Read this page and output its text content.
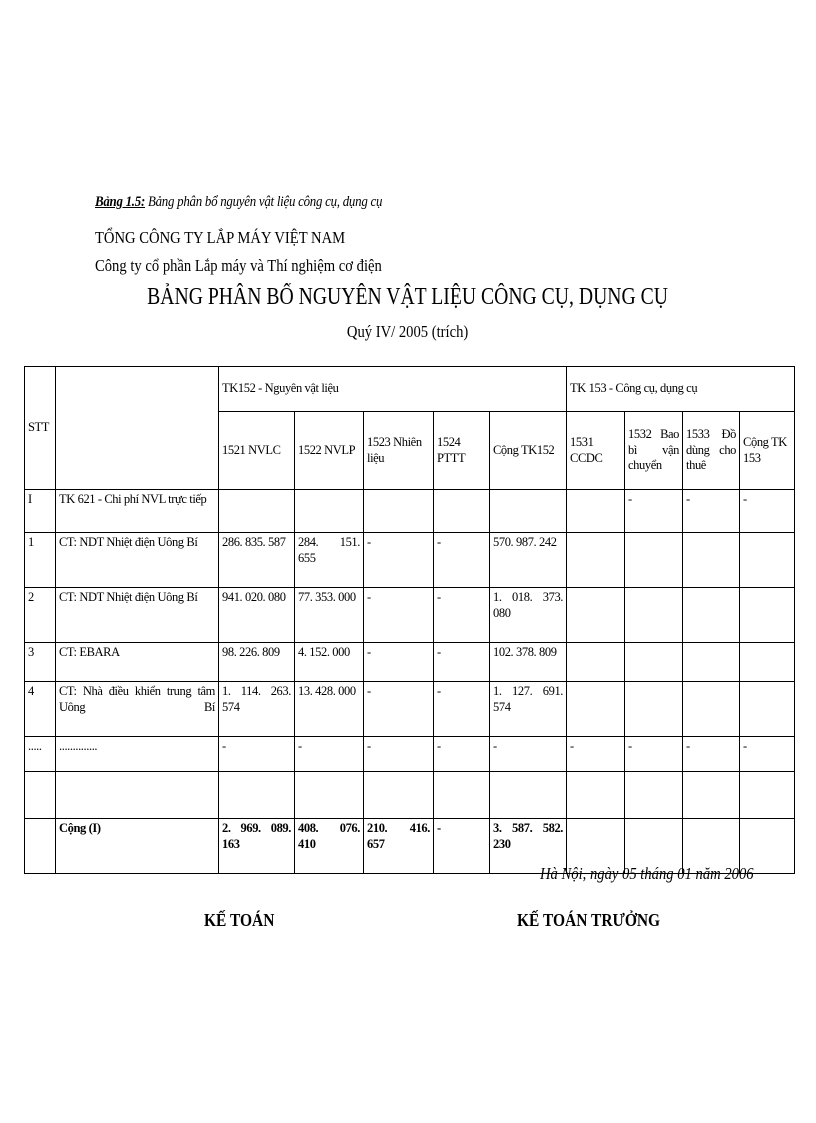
Bảng 1.5: Bảng phân bổ nguyên vật liệu công cụ, dụng cụ
TỔNG CÔNG TY LẮP MÁY VIỆT NAM
Công ty cổ phần Lắp máy và Thí nghiệm cơ điện
BẢNG PHÂN BỔ NGUYÊN VẬT LIỆU CÔNG CỤ, DỤNG CỤ
Quý IV/ 2005 (trích)
STT		TK152 - Nguyên vật liệu					TK 153 - Công cụ, dụng cụ			
		1521 NVLC	1522 NVLP	1523 Nhiên liệu	1524 PTTT	Cộng TK152	1531 CCDC	1532 Bao bì vận chuyển	1533 Đồ dùng cho thuê	Cộng TK 153
I	TK 621 - Chi phí NVL trực tiếp							-	-	-
1	CT: NDT Nhiệt điện Uông Bí	286. 835. 587	284. 151. 655	-	-	570. 987. 242				
2	CT: NDT Nhiệt điện Uông Bí	941. 020. 080	77. 353. 000	-	-	1. 018. 373. 080				
3	CT: EBARA	98. 226. 809	4. 152. 000	-	-	102. 378. 809				
4	CT: Nhà điều khiển trung tâm Uông Bí	1. 114. 263. 574	13. 428. 000	-	-	1. 127. 691. 574				
.....	..............	-	-	-	-	-	-	-	-	-

	Cộng (I)	2. 969. 089. 163	408. 076. 410	210. 416. 657	-	3. 587. 582. 230				
Hà Nội, ngày 05 tháng 01 năm 2006
KẾ TOÁN	KẾ TOÁN TRƯỞNG
